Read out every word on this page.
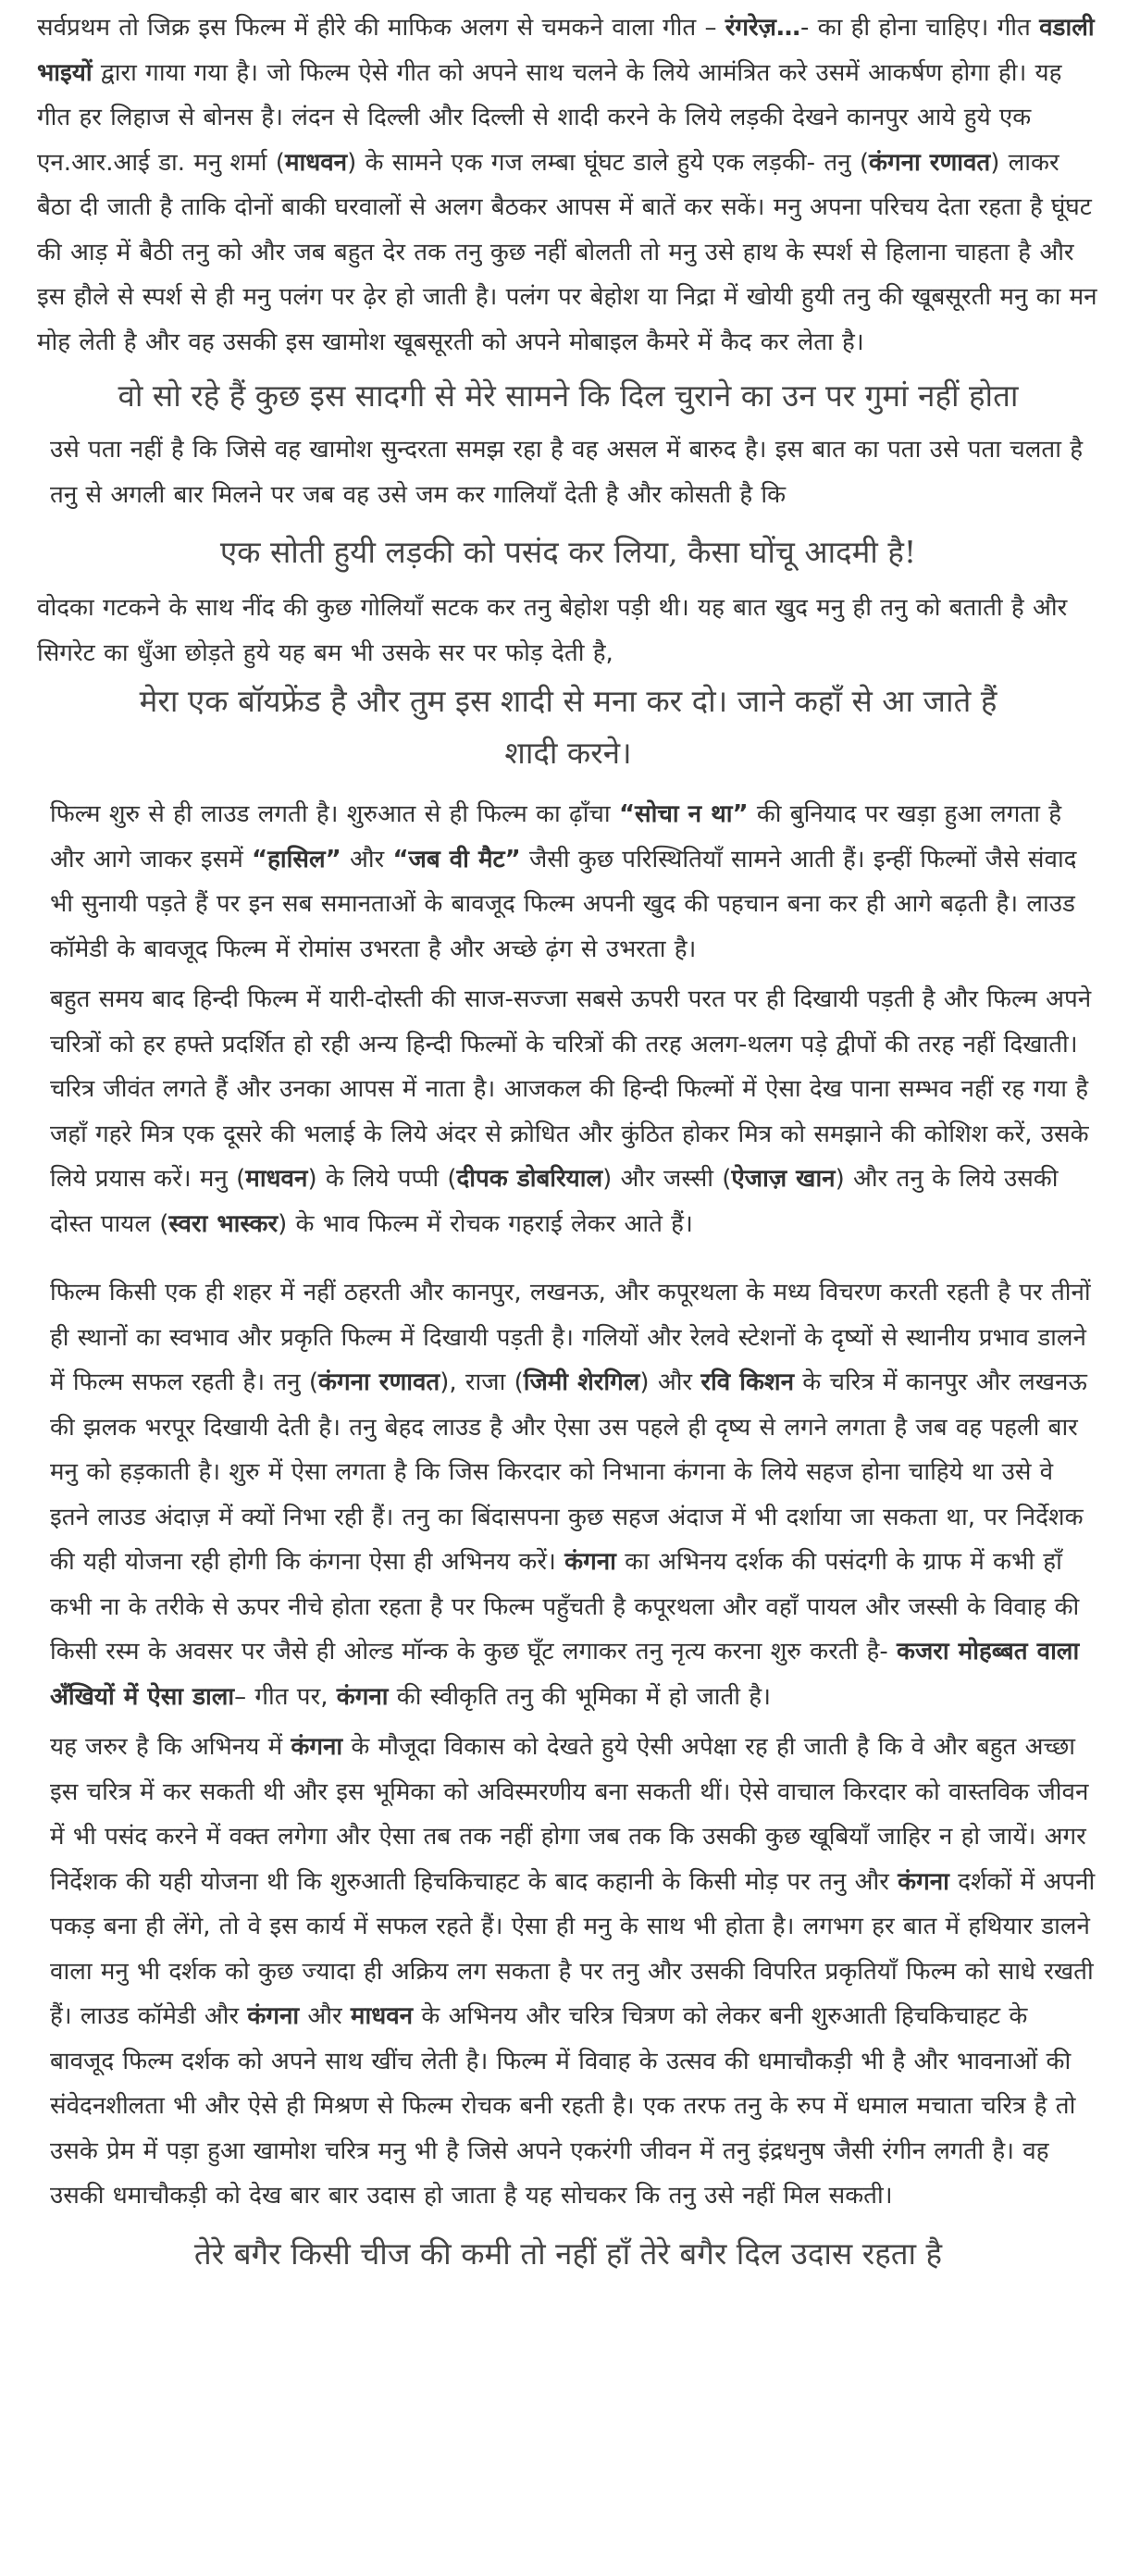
सर्वप्रथम तो जिक्र इस फिल्म में हीरे की माफिक अलग से चमकने वाला गीत – रंगरेज़…- का ही होना चाहिए। गीत वडाली भाइयों द्वारा गाया गया है। जो फिल्म ऐसे गीत को अपने साथ चलने के लिये आमंत्रित करे उसमें आकर्षण होगा ही। यह गीत हर लिहाज से बोनस है। लंदन से दिल्ली और दिल्ली से शादी करने के लिये लड़की देखने कानपुर आये हुये एक एन.आर.आई डा. मनु शर्मा (माधवन) के सामने एक गज लम्बा घूंघट डाले हुये एक लड़की- तनु (कंगना रणावत) लाकर बैठा दी जाती है ताकि दोनों बाकी घरवालों से अलग बैठकर आपस में बातें कर सकें। मनु अपना परिचय देता रहता है घूंघट की आड़ में बैठी तनु को और जब बहुत देर तक तनु कुछ नहीं बोलती तो मनु उसे हाथ के स्पर्श से हिलाना चाहता है और इस हौले से स्पर्श से ही मनु पलंग पर ढ़ेर हो जाती है। पलंग पर बेहोश या निद्रा में खोयी हुयी तनु की खूबसूरती मनु का मन मोह लेती है और वह उसकी इस खामोश खूबसूरती को अपने मोबाइल कैमरे में कैद कर लेता है।

वो सो रहे हैं कुछ इस सादगी से मेरे सामने कि दिल चुराने का उन पर गुमां नहीं होता

उसे पता नहीं है कि जिसे वह खामोश सुन्दरता समझ रहा है वह असल में बारुद है। इस बात का पता उसे पता चलता है तनु से अगली बार मिलने पर जब वह उसे जम कर गालियाँ देती है और कोसती है कि

एक सोती हुयी लड़की को पसंद कर लिया, कैसा घोंचू आदमी है!

वोदका गटकने के साथ नींद की कुछ गोलियाँ सटक कर तनु बेहोश पड़ी थी। यह बात खुद मनु ही तनु को बताती है और सिगरेट का धुँआ छोड़ते हुये यह बम भी उसके सर पर फोड़ देती है,

मेरा एक बॉयफ्रेंड है और तुम इस शादी से मना कर दो। जाने कहाँ से आ जाते हैं शादी करने।

फिल्म शुरु से ही लाउड लगती है। शुरुआत से ही फिल्म का ढ़ाँचा “सोचा न था” की बुनियाद पर खड़ा हुआ लगता है और आगे जाकर इसमें “हासिल” और “जब वी मैट” जैसी कुछ परिस्थितियाँ सामने आती हैं। इन्हीं फिल्मों जैसे संवाद भी सुनायी पड़ते हैं पर इन सब समानताओं के बावजूद फिल्म अपनी खुद की पहचान बना कर ही आगे बढ़ती है। लाउड कॉमेडी के बावजूद फिल्म में रोमांस उभरता है और अच्छे ढ़ंग से उभरता है।

बहुत समय बाद हिन्दी फिल्म में यारी-दोस्ती की साज-सज्जा सबसे ऊपरी परत पर ही दिखायी पड़ती है और फिल्म अपने चरित्रों को हर हफ्ते प्रदर्शित हो रही अन्य हिन्दी फिल्मों के चरित्रों की तरह अलग-थलग पड़े द्वीपों की तरह नहीं दिखाती। चरित्र जीवंत लगते हैं और उनका आपस में नाता है। आजकल की हिन्दी फिल्मों में ऐसा देख पाना सम्भव नहीं रह गया है जहाँ गहरे मित्र एक दूसरे की भलाई के लिये अंदर से क्रोधित और कुंठित होकर मित्र को समझाने की कोशिश करें, उसके लिये प्रयास करें। मनु (माधवन) के लिये पप्पी (दीपक डोबरियाल) और जस्सी (ऐजाज़ खान) और तनु के लिये उसकी दोस्त पायल (स्वरा भास्कर) के भाव फिल्म में रोचक गहराई लेकर आते हैं।

फिल्म किसी एक ही शहर में नहीं ठहरती और कानपुर, लखनऊ, और कपूरथला के मध्य विचरण करती रहती है पर तीनों ही स्थानों का स्वभाव और प्रकृति फिल्म में दिखायी पड़ती है। गलियों और रेलवे स्टेशनों के दृष्यों से स्थानीय प्रभाव डालने में फिल्म सफल रहती है। तनु (कंगना रणावत), राजा (जिमी शेरगिल) और रवि किशन के चरित्र में कानपुर और लखनऊ की झलक भरपूर दिखायी देती है। तनु बेहद लाउड है और ऐसा उस पहले ही दृष्य से लगने लगता है जब वह पहली बार मनु को हड़काती है। शुरु में ऐसा लगता है कि जिस किरदार को निभाना कंगना के लिये सहज होना चाहिये था उसे वे इतने लाउड अंदाज़ में क्यों निभा रही हैं। तनु का बिंदासपना कुछ सहज अंदाज में भी दर्शाया जा सकता था, पर निर्देशक की यही योजना रही होगी कि कंगना ऐसा ही अभिनय करें। कंगना का अभिनय दर्शक की पसंदगी के ग्राफ में कभी हाँ कभी ना के तरीके से ऊपर नीचे होता रहता है पर फिल्म पहुँचती है कपूरथला और वहाँ पायल और जस्सी के विवाह की किसी रस्म के अवसर पर जैसे ही ओल्ड मॉन्क के कुछ घूँट लगाकर तनु नृत्य करना शुरु करती है- कजरा मोहब्बत वाला अँखियों में ऐसा डाला– गीत पर, कंगना की स्वीकृति तनु की भूमिका में हो जाती है।

यह जरुर है कि अभिनय में कंगना के मौजूदा विकास को देखते हुये ऐसी अपेक्षा रह ही जाती है कि वे और बहुत अच्छा इस चरित्र में कर सकती थी और इस भूमिका को अविस्मरणीय बना सकती थीं। ऐसे वाचाल किरदार को वास्तविक जीवन में भी पसंद करने में वक्त लगेगा और ऐसा तब तक नहीं होगा जब तक कि उसकी कुछ खूबियाँ जाहिर न हो जायें। अगर निर्देशक की यही योजना थी कि शुरुआती हिचकिचाहट के बाद कहानी के किसी मोड़ पर तनु और कंगना दर्शकों में अपनी पकड़ बना ही लेंगे, तो वे इस कार्य में सफल रहते हैं। ऐसा ही मनु के साथ भी होता है। लगभग हर बात में हथियार डालने वाला मनु भी दर्शक को कुछ ज्यादा ही अक्रिय लग सकता है पर तनु और उसकी विपरित प्रकृतियाँ फिल्म को साधे रखती हैं। लाउड कॉमेडी और कंगना और माधवन के अभिनय और चरित्र चित्रण को लेकर बनी शुरुआती हिचकिचाहट के बावजूद फिल्म दर्शक को अपने साथ खींच लेती है। फिल्म में विवाह के उत्सव की धमाचौकड़ी भी है और भावनाओं की संवेदनशीलता भी और ऐसे ही मिश्रण से फिल्म रोचक बनी रहती है। एक तरफ तनु के रुप में धमाल मचाता चरित्र है तो उसके प्रेम में पड़ा हुआ खामोश चरित्र मनु भी है जिसे अपने एकरंगी जीवन में तनु इंद्रधनुष जैसी रंगीन लगती है। वह उसकी धमाचौकड़ी को देख बार बार उदास हो जाता है यह सोचकर कि तनु उसे नहीं मिल सकती।

तेरे बगैर किसी चीज की कमी तो नहीं हाँ तेरे बगैर दिल उदास रहता है
